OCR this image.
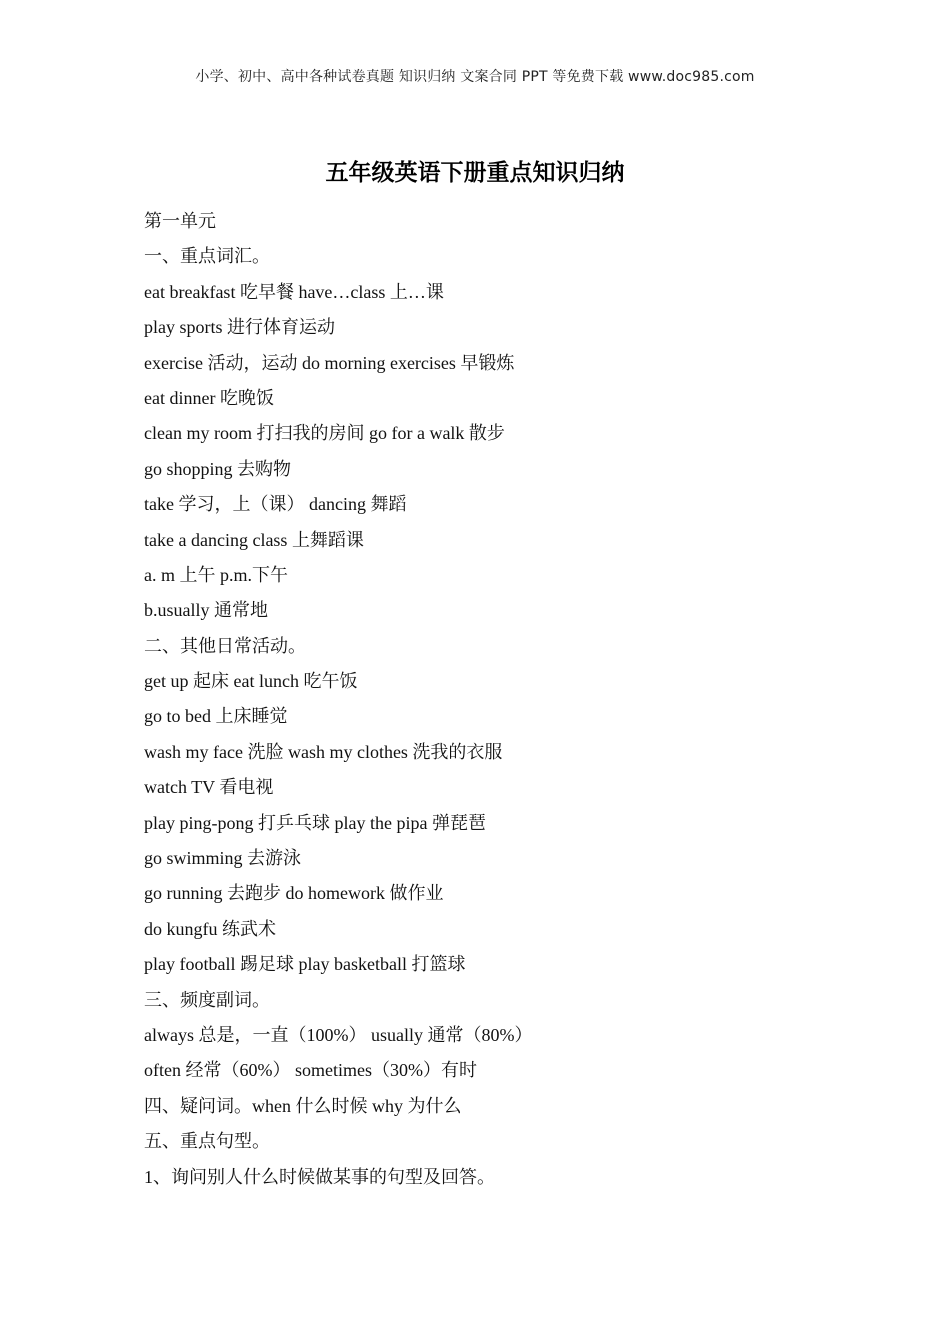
小学、初中、高中各种试卷真题 知识归纳 文案合同 PPT 等免费下载 www.doc985.com
五年级英语下册重点知识归纳
第一单元
一、重点词汇。
eat breakfast 吃早餐 have…class 上…课
play sports 进行体育运动
exercise 活动，运动 do morning exercises 早锻炼
eat dinner 吃晚饭
clean my room 打扫我的房间 go for a walk 散步
go shopping 去购物
take 学习，上（课） dancing 舞蹈
take a dancing class 上舞蹈课
a. m 上午 p.m.下午
b.usually 通常地
二、其他日常活动。
get up 起床 eat lunch 吃午饭
go to bed 上床睡觉
wash my face 洗脸 wash my clothes 洗我的衣服
watch TV 看电视
play ping-pong 打乒乓球 play the pipa 弹琵琶
go swimming 去游泳
go running 去跑步 do homework 做作业
do kungfu 练武术
play football 踢足球 play basketball 打篮球
三、频度副词。
always 总是，一直（100%） usually 通常（80%）
often 经常（60%） sometimes（30%）有时
四、疑问词。when 什么时候 why 为什么
五、重点句型。
1、询问别人什么时候做某事的句型及回答。
